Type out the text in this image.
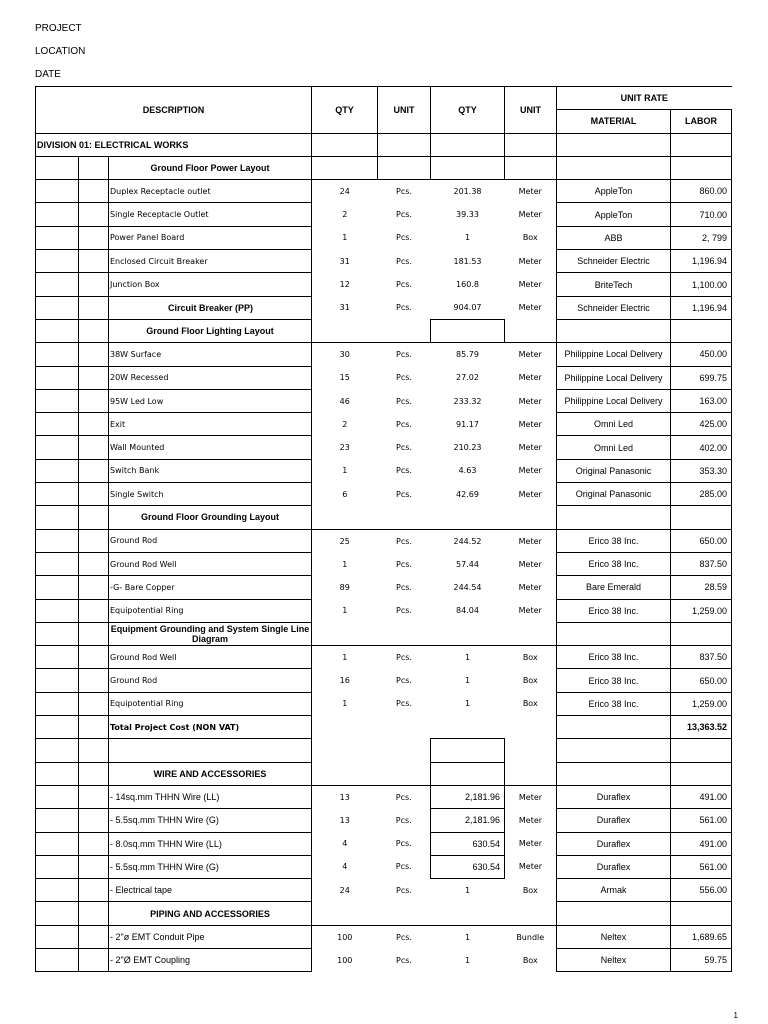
PROJECT
LOCATION
DATE
DESCRIPTION			QTY	UNIT	QTY	UNIT	UNIT RATE	
							MATERIAL	LABOR
DIVISION 01: ELECTRICAL WORKS								
		Ground Floor Power Layout						
		Duplex Receptacle outlet	24	Pcs.	201.38	Meter	AppleTon	860.00
		Single Receptacle Outlet	2	Pcs.	39.33	Meter	AppleTon	710.00
		Power Panel Board	1	Pcs.	1	Box	ABB	2, 799
		Enclosed Circuit Breaker	31	Pcs.	181.53	Meter	Schneider Electric	1,196.94
		Junction Box	12	Pcs.	160.8	Meter	BriteTech	1,100.00
		Circuit Breaker (PP)	31	Pcs.	904.07	Meter	Schneider Electric	1,196.94
		Ground Floor Lighting Layout						
		38W Surface	30	Pcs.	85.79	Meter	Philippine Local Delivery	450.00
		20W Recessed	15	Pcs.	27.02	Meter	Philippine Local Delivery	699.75
		95W Led Low	46	Pcs.	233.32	Meter	Philippine Local Delivery	163.00
		Exit	2	Pcs.	91.17	Meter	Omni Led	425.00
		Wall Mounted	23	Pcs.	210.23	Meter	Omni Led	402.00
		Switch Bank	1	Pcs.	4.63	Meter	Original Panasonic	353.30
		Single Switch	6	Pcs.	42.69	Meter	Original Panasonic	285.00
		Ground Floor Grounding Layout						
		Ground Rod	25	Pcs.	244.52	Meter	Erico 38 Inc.	650.00
		Ground Rod Well	1	Pcs.	57.44	Meter	Erico 38 Inc.	837.50
		-G- Bare Copper	89	Pcs.	244.54	Meter	Bare Emerald	28.59
		Equipotential Ring	1	Pcs.	84.04	Meter	Erico 38 Inc.	1,259.00
		Equipment Grounding and System Single Line Diagram						
		Ground Rod Well	1	Pcs.	1	Box	Erico 38 Inc.	837.50
		Ground Rod	16	Pcs.	1	Box	Erico 38 Inc.	650.00
		Equipotential Ring	1	Pcs.	1	Box	Erico 38 Inc.	1,259.00
		Total Project Cost (NON VAT)						13,363.52

		WIRE AND ACCESSORIES						
		- 14sq.mm THHN Wire (LL)	13	Pcs.	2,181.96	Meter	Duraflex	491.00
		- 5.5sq.mm THHN Wire (G)	13	Pcs.	2,181.96	Meter	Duraflex	561.00
		- 8.0sq.mm THHN Wire (LL)	4	Pcs.	630.54	Meter	Duraflex	491.00
		- 5.5sq.mm THHN Wire (G)	4	Pcs.	630.54	Meter	Duraflex	561.00
		- Electrical tape	24	Pcs.	1	Box	Armak	556.00
		PIPING AND ACCESSORIES						
		- 2"ø EMT Conduit Pipe	100	Pcs.	1	Bundle	Neltex	1,689.65
		- 2"Ø EMT Coupling	100	Pcs.	1	Box	Neltex	59.75
1
